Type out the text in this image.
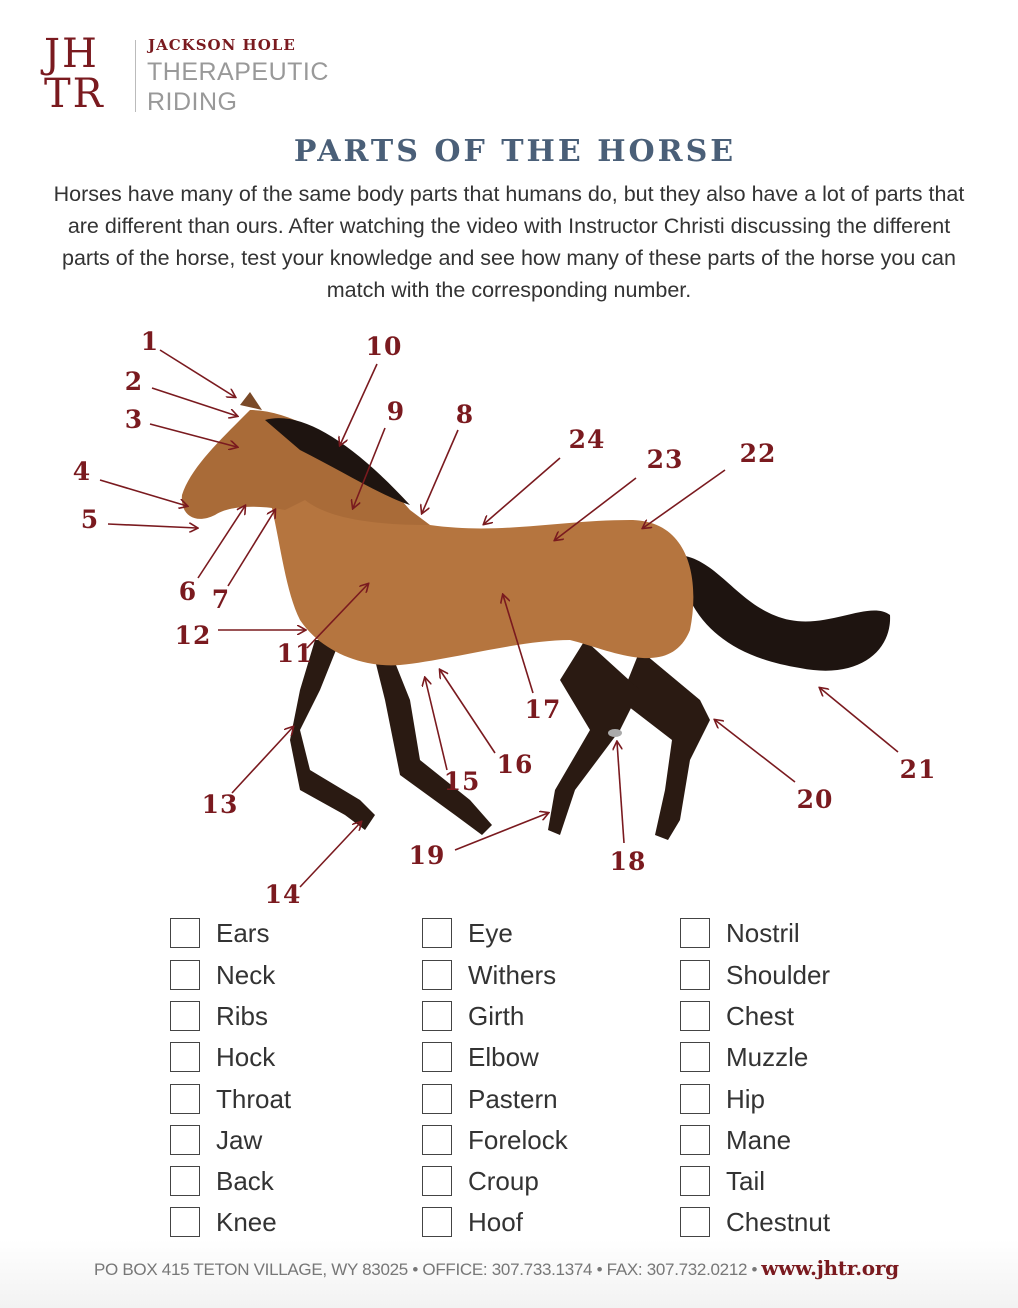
JH
TR
JACKSON HOLE
THERAPEUTIC
RIDING
PARTS OF THE HORSE
Horses have many of the same body parts that humans do, but they also have a lot of parts that are different than ours. After watching the video with Instructor Christi discussing the different parts of the horse, test your knowledge and see how many of these parts of the horse you can match with the corresponding number.
1
2
3
4
5
6 7
8
9
10
11
12
13
14
15
16
17
18
19
20
21
22
23
24
Ears
Neck
Ribs
Hock
Throat
Jaw
Back
Knee
Eye
Withers
Girth
Elbow
Pastern
Forelock
Croup
Hoof
Nostril
Shoulder
Chest
Muzzle
Hip
Mane
Tail
Chestnut
PO BOX 415 TETON VILLAGE, WY 83025 • OFFICE: 307.733.1374 • FAX: 307.732.0212 • www.jhtr.org
